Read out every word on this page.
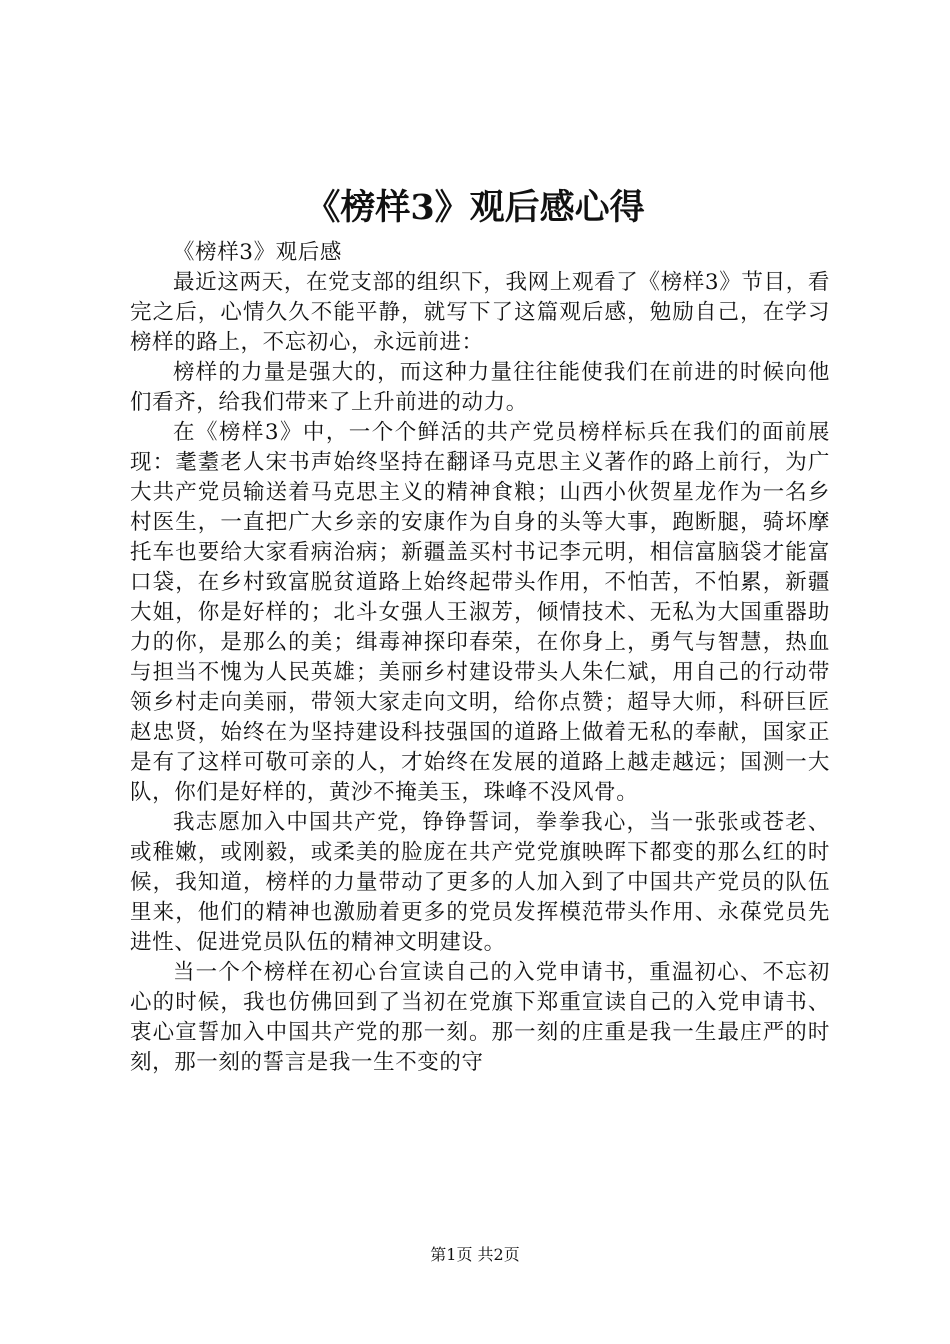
《榜样3》观后感心得

《榜样3》观后感

最近这两天，在党支部的组织下，我网上观看了《榜样3》节目，看完之后，心情久久不能平静，就写下了这篇观后感，勉励自己，在学习榜样的路上，不忘初心，永远前进：

榜样的力量是强大的，而这种力量往往能使我们在前进的时候向他们看齐，给我们带来了上升前进的动力。

在《榜样3》中，一个个鲜活的共产党员榜样标兵在我们的面前展现：耄耋老人宋书声始终坚持在翻译马克思主义著作的路上前行，为广大共产党员输送着马克思主义的精神食粮；山西小伙贺星龙作为一名乡村医生，一直把广大乡亲的安康作为自身的头等大事，跑断腿，骑坏摩托车也要给大家看病治病；新疆盖买村书记李元明，相信富脑袋才能富口袋，在乡村致富脱贫道路上始终起带头作用，不怕苦，不怕累，新疆大姐，你是好样的；北斗女强人王淑芳，倾情技术、无私为大国重器助力的你，是那么的美；缉毒神探印春荣，在你身上，勇气与智慧，热血与担当不愧为人民英雄；美丽乡村建设带头人朱仁斌，用自己的行动带领乡村走向美丽，带领大家走向文明，给你点赞；超导大师，科研巨匠赵忠贤，始终在为坚持建设科技强国的道路上做着无私的奉献，国家正是有了这样可敬可亲的人，才始终在发展的道路上越走越远；国测一大队，你们是好样的，黄沙不掩美玉，珠峰不没风骨。

我志愿加入中国共产党，铮铮誓词，拳拳我心，当一张张或苍老、或稚嫩，或刚毅，或柔美的脸庞在共产党党旗映晖下都变的那么红的时候，我知道，榜样的力量带动了更多的人加入到了中国共产党员的队伍里来，他们的精神也激励着更多的党员发挥模范带头作用、永葆党员先进性、促进党员队伍的精神文明建设。

当一个个榜样在初心台宣读自己的入党申请书，重温初心、不忘初心的时候，我也仿佛回到了当初在党旗下郑重宣读自己的入党申请书、衷心宣誓加入中国共产党的那一刻。那一刻的庄重是我一生最庄严的时刻，那一刻的誓言是我一生不变的守

第1页 共2页
